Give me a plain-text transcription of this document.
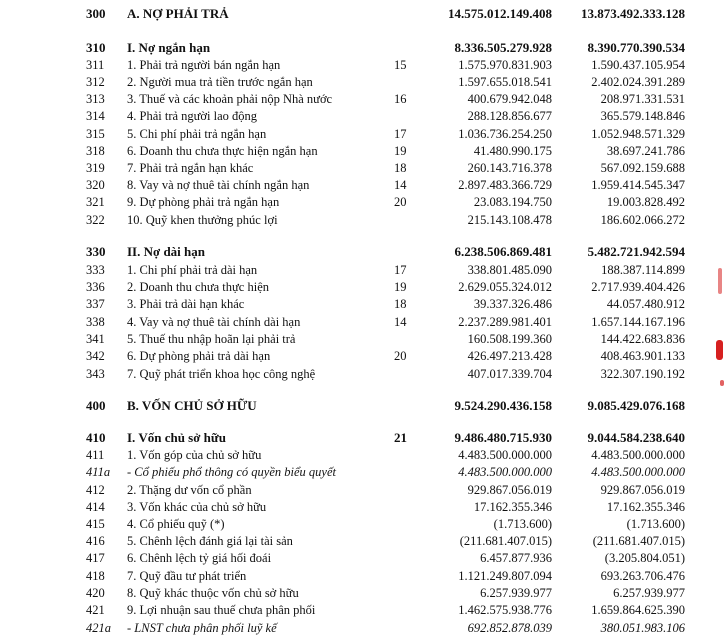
300 A. NỢ PHẢI TRẢ	14.575.012.149.408 13.873.492.333.128
310 I. Nợ ngắn hạn	8.336.505.279.928	8.390.770.390.534
311 1. Phải trả người bán ngắn hạn	15	1.575.970.831.903	1.590.437.105.954
312 2. Người mua trả tiền trước ngắn hạn	1.597.655.018.541	2.402.024.391.289
313 3. Thuế và các khoản phải nộp Nhà nước	16	400.679.942.048	208.971.331.531
314 4. Phải trả người lao động	288.128.856.677	365.579.148.846
315 5. Chi phí phải trả ngắn hạn	17	1.036.736.254.250	1.052.948.571.329
318 6. Doanh thu chưa thực hiện ngắn hạn	19	41.480.990.175	38.697.241.786
319 7. Phải trả ngắn hạn khác	18	260.143.716.378	567.092.159.688
320 8. Vay và nợ thuê tài chính ngắn hạn	14	2.897.483.366.729	1.959.414.545.347
321 9. Dự phòng phải trả ngắn hạn	20	23.083.194.750	19.003.828.492
322 10. Quỹ khen thưởng phúc lợi	215.143.108.478	186.602.066.272
330 II. Nợ dài hạn	6.238.506.869.481	5.482.721.942.594
333 1. Chi phí phải trả dài hạn	17	338.801.485.090	188.387.114.899
336 2. Doanh thu chưa thực hiện	19	2.629.055.324.012	2.717.939.404.426
337 3. Phải trả dài hạn khác	18	39.337.326.486	44.057.480.912
338 4. Vay và nợ thuê tài chính dài hạn	14	2.237.289.981.401	1.657.144.167.196
341 5. Thuế thu nhập hoãn lại phải trả	160.508.199.360	144.422.683.836
342 6. Dự phòng phải trả dài hạn	20	426.497.213.428	408.463.901.133
343 7. Quỹ phát triển khoa học công nghệ	407.017.339.704	322.307.190.192
400 B. VỐN CHỦ SỞ HỮU	9.524.290.436.158	9.085.429.076.168
410 I. Vốn chủ sở hữu	21	9.486.480.715.930	9.044.584.238.640
411 1. Vốn góp của chủ sở hữu	4.483.500.000.000	4.483.500.000.000
411a - Cổ phiếu phổ thông có quyền biểu quyết	4.483.500.000.000	4.483.500.000.000
412 2. Thặng dư vốn cổ phần	929.867.056.019	929.867.056.019
414 3. Vốn khác của chủ sở hữu	17.162.355.346	17.162.355.346
415 4. Cổ phiếu quỹ (*)	(1.713.600)	(1.713.600)
416 5. Chênh lệch đánh giá lại tài sản	(211.681.407.015)	(211.681.407.015)
417 6. Chênh lệch tỷ giá hối đoái	6.457.877.936	(3.205.804.051)
418 7. Quỹ đầu tư phát triển	1.121.249.807.094	693.263.706.476
420 8. Quỹ khác thuộc vốn chủ sở hữu	6.257.939.977	6.257.939.977
421 9. Lợi nhuận sau thuế chưa phân phối	1.462.575.938.776	1.659.864.625.390
421a - LNST chưa phân phối luỹ kế	692.852.878.039	380.051.983.106
